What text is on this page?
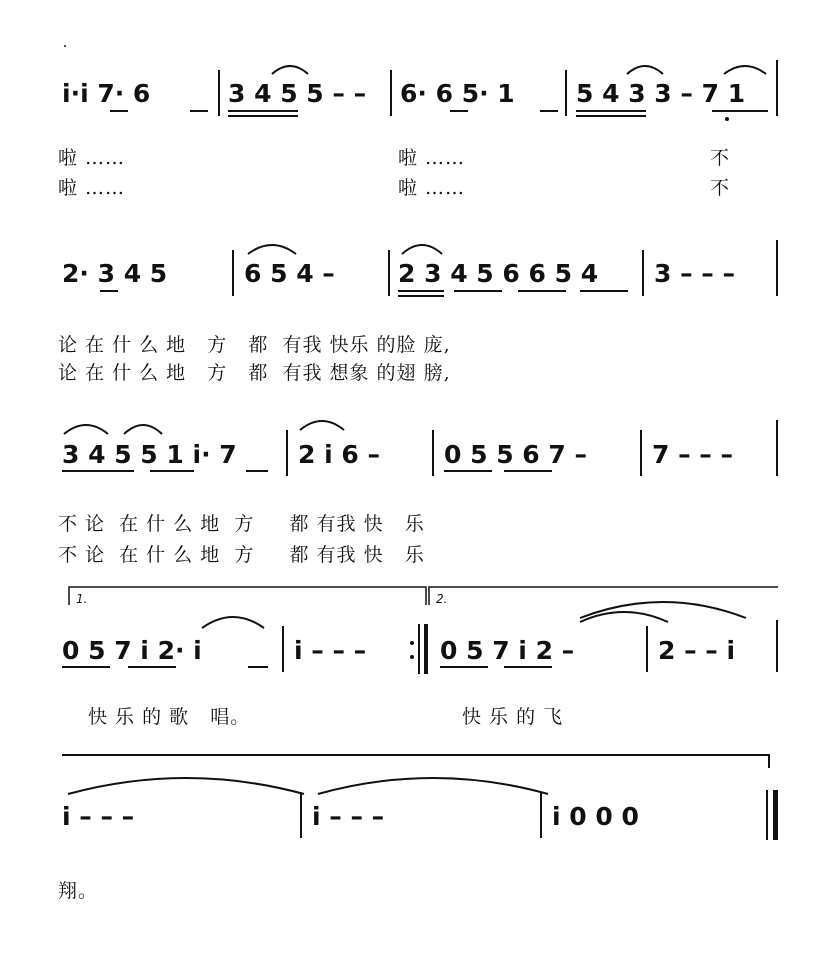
i̇·i̇ 7· 6	3 4 5 5 – – 6· 6 5· 1 5 4 3 3 – 7 1
啦 ……	啦 ……	不
啦 ……	啦 ……	不
2· 3 4 5	6 5 4 –	2 3 4 5 6 6 5 4 3 – – –
论 在 什 么 地   方   都  有我 快乐 的脸 庞,
论 在 什 么 地   方   都  有我 想象 的翅 膀,
3 4 5 5 1 i̇· 7 2 i̇ 6 –	0 5 5 6 7 –	7 – – –
不 论  在 什 么 地  方     都 有我 快   乐
不 论  在 什 么 地  方     都 有我 快   乐
1.	2.
0 5 7 i̇ 2· i̇	i̇ – – –	0 5 7 i̇ 2 –	2 – – i̇
快 乐 的 歌   唱。	快 乐 的 飞
i̇ – – –	i̇ – – –	i̇ 0 0 0
翔。
